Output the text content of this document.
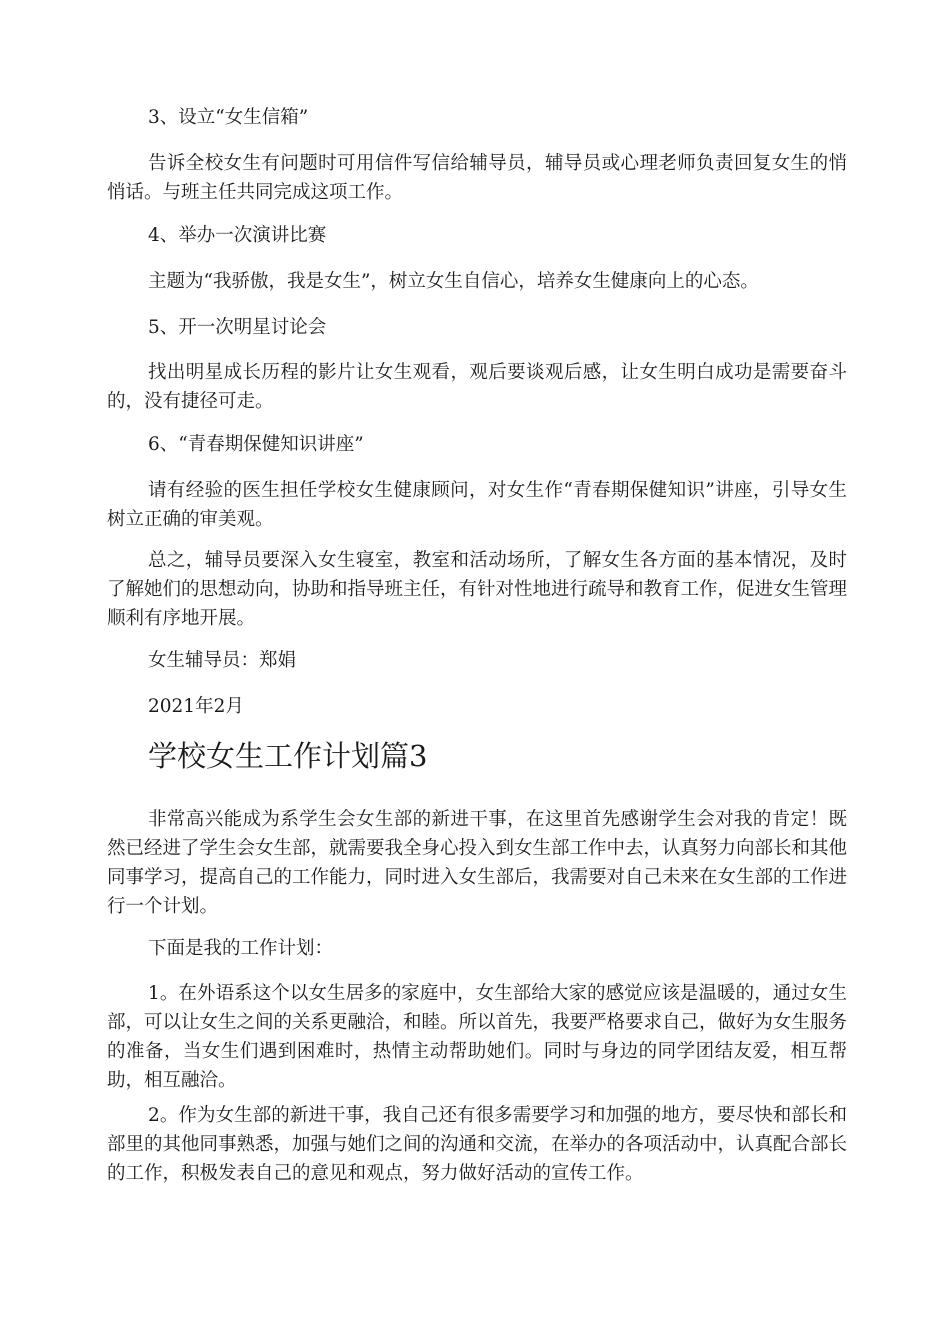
3、设立“女生信箱”

告诉全校女生有问题时可用信件写信给辅导员，辅导员或心理老师负责回复女生的悄悄话。与班主任共同完成这项工作。

4、举办一次演讲比赛

主题为“我骄傲，我是女生”，树立女生自信心，培养女生健康向上的心态。

5、开一次明星讨论会

找出明星成长历程的影片让女生观看，观后要谈观后感，让女生明白成功是需要奋斗的，没有捷径可走。

6、“青春期保健知识讲座”

请有经验的医生担任学校女生健康顾问，对女生作“青春期保健知识”讲座，引导女生树立正确的审美观。

总之，辅导员要深入女生寝室，教室和活动场所，了解女生各方面的基本情况，及时了解她们的思想动向，协助和指导班主任，有针对性地进行疏导和教育工作，促进女生管理顺利有序地开展。

女生辅导员：郑娟

2021年2月

学校女生工作计划篇3

非常高兴能成为系学生会女生部的新进干事，在这里首先感谢学生会对我的肯定！既然已经进了学生会女生部，就需要我全身心投入到女生部工作中去，认真努力向部长和其他同事学习，提高自己的工作能力，同时进入女生部后，我需要对自己未来在女生部的工作进行一个计划。

下面是我的工作计划：

1。在外语系这个以女生居多的家庭中，女生部给大家的感觉应该是温暖的，通过女生部，可以让女生之间的关系更融洽，和睦。所以首先，我要严格要求自己，做好为女生服务的准备，当女生们遇到困难时，热情主动帮助她们。同时与身边的同学团结友爱，相互帮助，相互融洽。

2。作为女生部的新进干事，我自己还有很多需要学习和加强的地方，要尽快和部长和部里的其他同事熟悉，加强与她们之间的沟通和交流，在举办的各项活动中，认真配合部长的工作，积极发表自己的意见和观点，努力做好活动的宣传工作。
